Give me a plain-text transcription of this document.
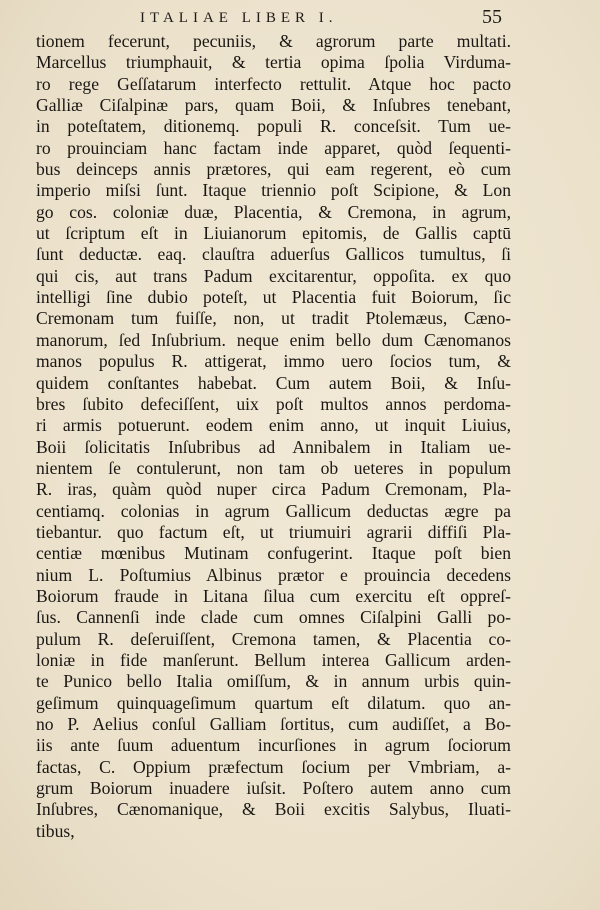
ITALIAE LIBER I.	55
tionem fecerunt, pecuniis, & agrorum parte multati.
Marcellus triumphauit, & tertia opima ſpolia Virduma-
ro rege Geſſatarum interfecto rettulit. Atque hoc pacto
Galliæ Ciſalpinæ pars, quam Boii, & Inſubres tenebant,
in poteſtatem, ditionemq. populi R. conceſsit. Tum ue-
ro prouinciam hanc factam inde apparet, quòd ſequenti-
bus deinceps annis prætores, qui eam regerent, eò cum
imperio miſsi ſunt. Itaque triennio poſt Scipione, & Lon
go cos. coloniæ duæ, Placentia, & Cremona, in agrum,
ut ſcriptum eſt in Liuianorum epitomis, de Gallis captū
ſunt deductæ. eaq. clauſtra aduerſus Gallicos tumultus, ſi
qui cis, aut trans Padum excitarentur, oppoſita. ex quo
intelligi ſine dubio poteſt, ut Placentia fuit Boiorum, ſic
Cremonam tum fuiſſe, non, ut tradit Ptolemæus, Cæno-
manorum, ſed Inſubrium. neque enim bello dum Cænomanos
manos populus R. attigerat, immo uero ſocios tum, &
quidem conſtantes habebat. Cum autem Boii, & Inſu-
bres ſubito defeciſſent, uix poſt multos annos perdoma-
ri armis potuerunt. eodem enim anno, ut inquit Liuius,
Boii ſolicitatis Inſubribus ad Annibalem in Italiam ue-
nientem ſe contulerunt, non tam ob ueteres in populum
R. iras, quàm quòd nuper circa Padum Cremonam, Pla-
centiamq. colonias in agrum Gallicum deductas ægre pa
tiebantur. quo factum eſt, ut triumuiri agrarii diffiſi Pla-
centiæ mœnibus Mutinam confugerint. Itaque poſt bien
nium L. Poſtumius Albinus prætor e prouincia decedens
Boiorum fraude in Litana ſilua cum exercitu eſt oppreſ-
ſus. Cannenſi inde clade cum omnes Ciſalpini Galli po-
pulum R. deſeruiſſent, Cremona tamen, & Placentia co-
loniæ in fide manſerunt. Bellum interea Gallicum arden-
te Punico bello Italia omiſſum, & in annum urbis quin-
geſimum quinquageſimum quartum eſt dilatum. quo an-
no P. Aelius conſul Galliam ſortitus, cum audiſſet, a Bo-
iis ante ſuum aduentum incurſiones in agrum ſociorum
factas, C. Oppium præfectum ſocium per Vmbriam, a-
grum Boiorum inuadere iuſsit. Poſtero autem anno cum
Inſubres, Cænomanique, & Boii excitis Salybus, Iluati-
tibus,
